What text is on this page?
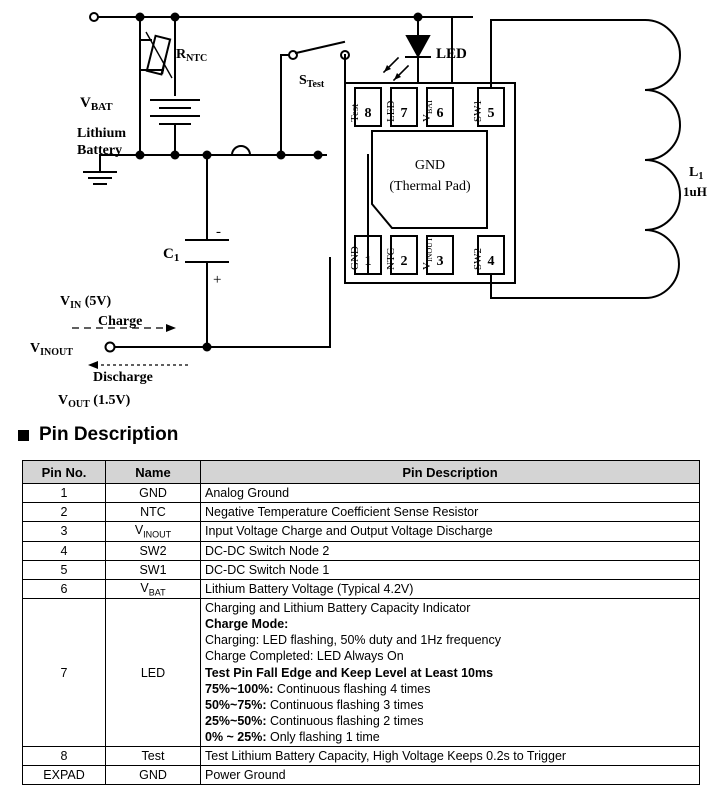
$R_{NTC}$
$V_{BAT}$
Lithium
Battery
$S_{Test}$
LED
$C_1$
-
+
$V_{IN}$ (5V)
Charge
$V_{INOUT}$
Discharge
$V_{OUT}$ (1.5V)
GND
(Thermal Pad)
$L_1$
1uH
8 7 6	5
1 2 3	4
Test LED VBAT	SW1
GND NTC VINOUT	SW2
Pin Description
Pin No.	Name	Pin Description
1	GND	Analog Ground
2	NTC	Negative Temperature Coefficient Sense Resistor
3	$V_{INOUT}$	Input Voltage Charge and Output Voltage Discharge
4	SW2	DC-DC Switch Node 2
5	SW1	DC-DC Switch Node 1
6	$V_{BAT}$	Lithium Battery Voltage (Typical 4.2V)
7	LED	
Charging and Lithium Battery Capacity Indicator
Charge Mode:
Charging: LED flashing, 50% duty and 1Hz frequency
Charge Completed: LED Always On
Test Pin Fall Edge and Keep Level at Least 10ms
75%~100%: Continuous flashing 4 times
50%~75%: Continuous flashing 3 times
25%~50%: Continuous flashing 2 times
0% ~ 25%: Only flashing 1 time

8	Test	Test Lithium Battery Capacity, High Voltage Keeps 0.2s to Trigger
EXPAD	GND	Power Ground
